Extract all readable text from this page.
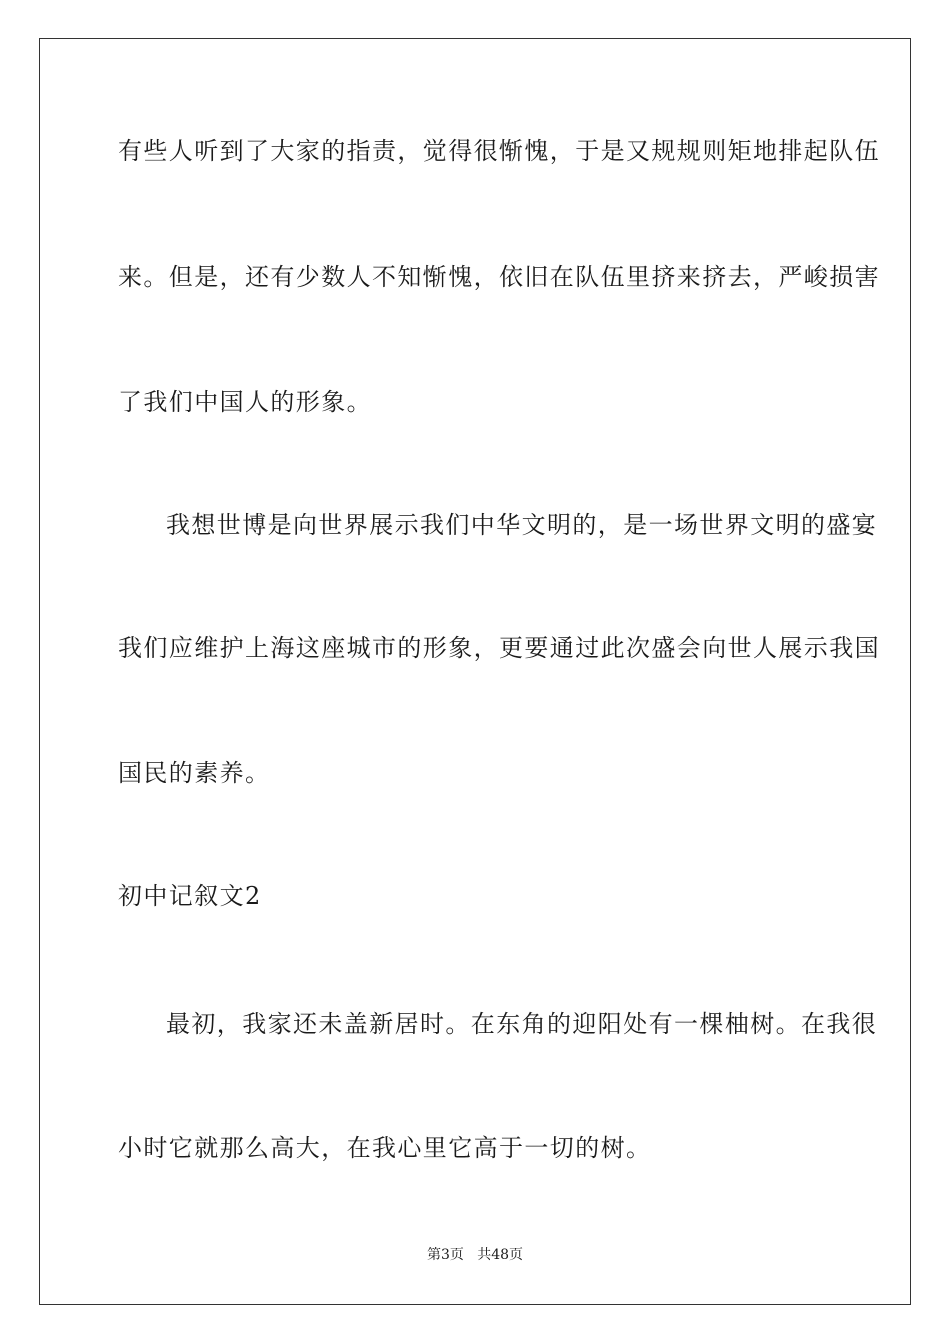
有些人听到了大家的指责，觉得很惭愧，于是又规规则矩地排起队伍
来。但是，还有少数人不知惭愧，依旧在队伍里挤来挤去，严峻损害
了我们中国人的形象。
我想世博是向世界展示我们中华文明的，是一场世界文明的盛宴
我们应维护上海这座城市的形象，更要通过此次盛会向世人展示我国
国民的素养。
初中记叙文2
最初，我家还未盖新居时。在东角的迎阳处有一棵柚树。在我很
小时它就那么高大，在我心里它高于一切的树。
第3页   共48页
